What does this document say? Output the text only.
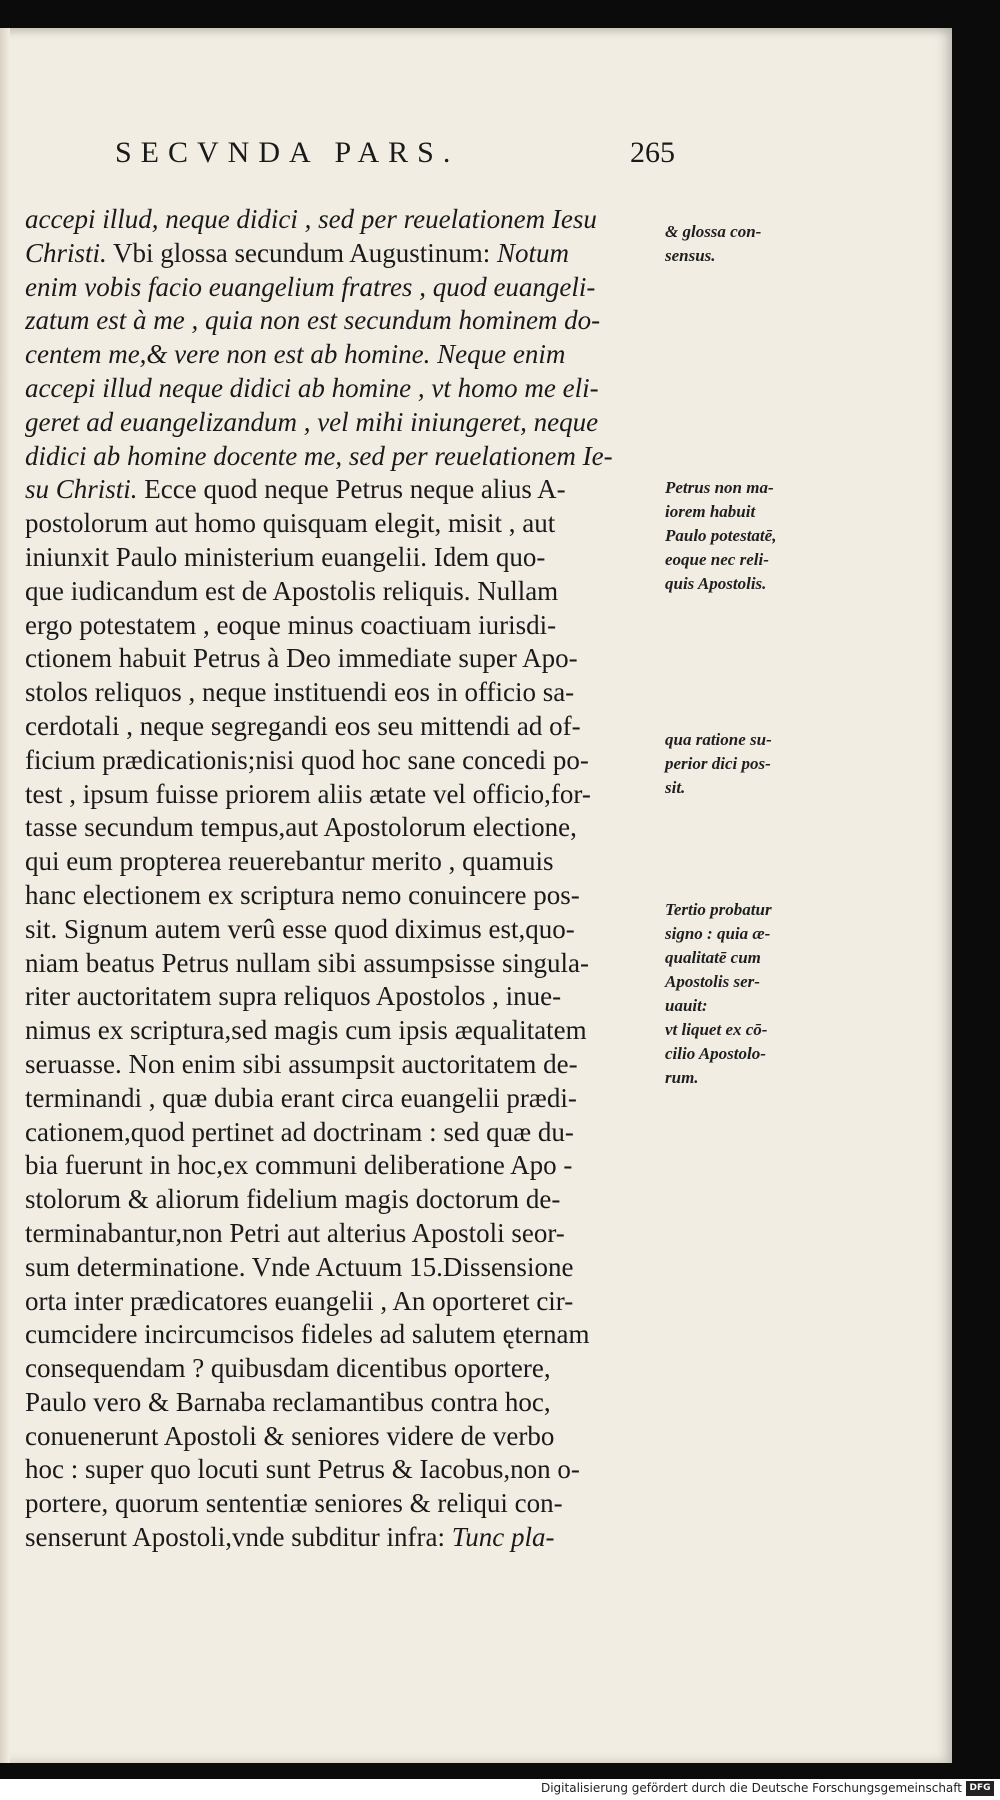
SECVNDA PARS.	265
accepi illud, neque didici , sed per reuelationem Iesu
Christi. Vbi glossa secundum Augustinum: Notum
enim vobis facio euangelium fratres , quod euangeli-
zatum est à me , quia non est secundum hominem do-
centem me,& vere non est ab homine. Neque enim
accepi illud neque didici ab homine , vt homo me eli-
geret ad euangelizandum , vel mihi iniungeret, neque
didici ab homine docente me, sed per reuelationem Ie-
su Christi. Ecce quod neque Petrus neque alius A-
postolorum aut homo quisquam elegit, misit , aut
iniunxit Paulo ministerium euangelii. Idem quo-
que iudicandum est de Apostolis reliquis. Nullam
ergo potestatem , eoque minus coactiuam iurisdi-
ctionem habuit Petrus à Deo immediate super Apo-
stolos reliquos , neque instituendi eos in officio sa-
cerdotali , neque segregandi eos seu mittendi ad of-
ficium prædicationis;nisi quod hoc sane concedi po-
test , ipsum fuisse priorem aliis ætate vel officio,for-
tasse secundum tempus,aut Apostolorum electione,
qui eum propterea reuerebantur merito , quamuis
hanc electionem ex scriptura nemo conuincere pos-
sit. Signum autem verû esse quod diximus est,quo-
niam beatus Petrus nullam sibi assumpsisse singula-
riter auctoritatem supra reliquos Apostolos , inue-
nimus ex scriptura,sed magis cum ipsis æqualitatem
seruasse. Non enim sibi assumpsit auctoritatem de-
terminandi , quæ dubia erant circa euangelii prædi-
cationem,quod pertinet ad doctrinam : sed quæ du-
bia fuerunt in hoc,ex communi deliberatione Apo -
stolorum & aliorum fidelium magis doctorum de-
terminabantur,non Petri aut alterius Apostoli seor-
sum determinatione. Vnde Actuum 15.Dissensione
orta inter prædicatores euangelii , An oporteret cir-
cumcidere incircumcisos fideles ad salutem ęternam
consequendam ? quibusdam dicentibus oportere,
Paulo vero & Barnaba reclamantibus contra hoc,
conuenerunt Apostoli & seniores videre de verbo
hoc : super quo locuti sunt Petrus & Iacobus,non o-
portere, quorum sententiæ seniores & reliqui con-
senserunt Apostoli,vnde subditur infra: Tunc pla-
& glossa con-
sensus.
Petrus non ma-
iorem habuit
Paulo potestatē,
eoque nec reli-
quis Apostolis.
qua ratione su-
perior dici pos-
sit.
Tertio probatur
signo : quia æ-
qualitatē cum
Apostolis ser-
uauit:
vt liquet ex cō-
cilio Apostolo-
rum.
Digitalisierung gefördert durch die Deutsche Forschungsgemeinschaft DFG
